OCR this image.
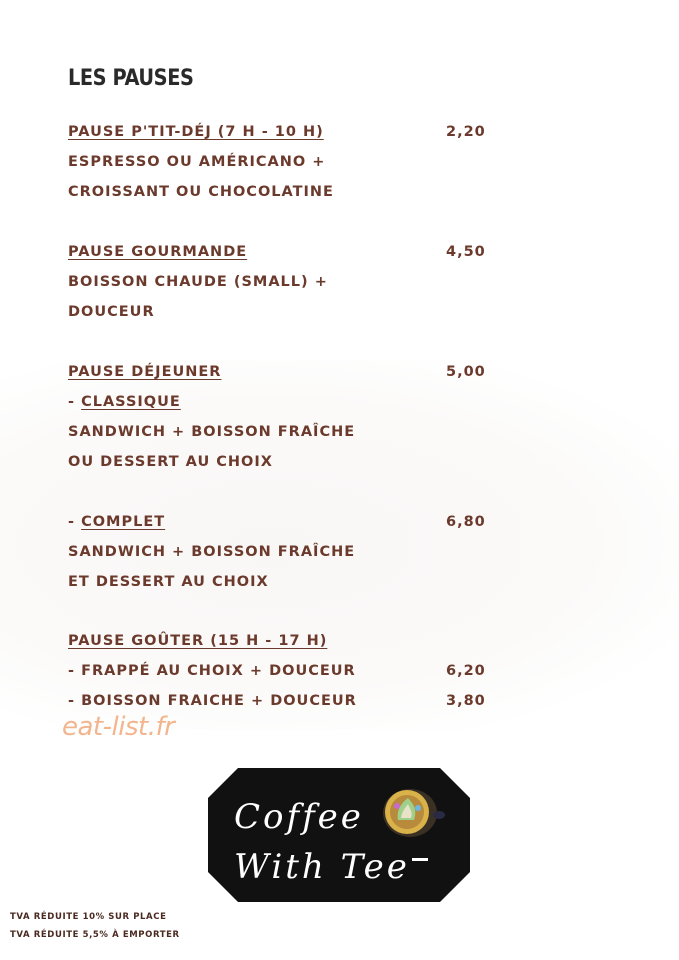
LES PAUSES
PAUSE P'TIT-DÉJ (7 H - 10 H)	2,20
ESPRESSO OU AMÉRICANO +
CROISSANT OU CHOCOLATINE
PAUSE GOURMANDE	4,50
BOISSON CHAUDE (SMALL) +
DOUCEUR
PAUSE DÉJEUNER	5,00
- CLASSIQUE
SANDWICH + BOISSON FRAÎCHE
OU DESSERT AU CHOIX
- COMPLET	6,80
SANDWICH + BOISSON FRAÎCHE
ET DESSERT AU CHOIX
PAUSE GOÛTER (15 H - 17 H)
- FRAPPÉ AU CHOIX + DOUCEUR	6,20
- BOISSON FRAICHE + DOUCEUR	3,80
eat-list.fr
Coffee
With Tee
TVA RÉDUITE 10% SUR PLACE
TVA RÉDUITE 5,5% À EMPORTER
